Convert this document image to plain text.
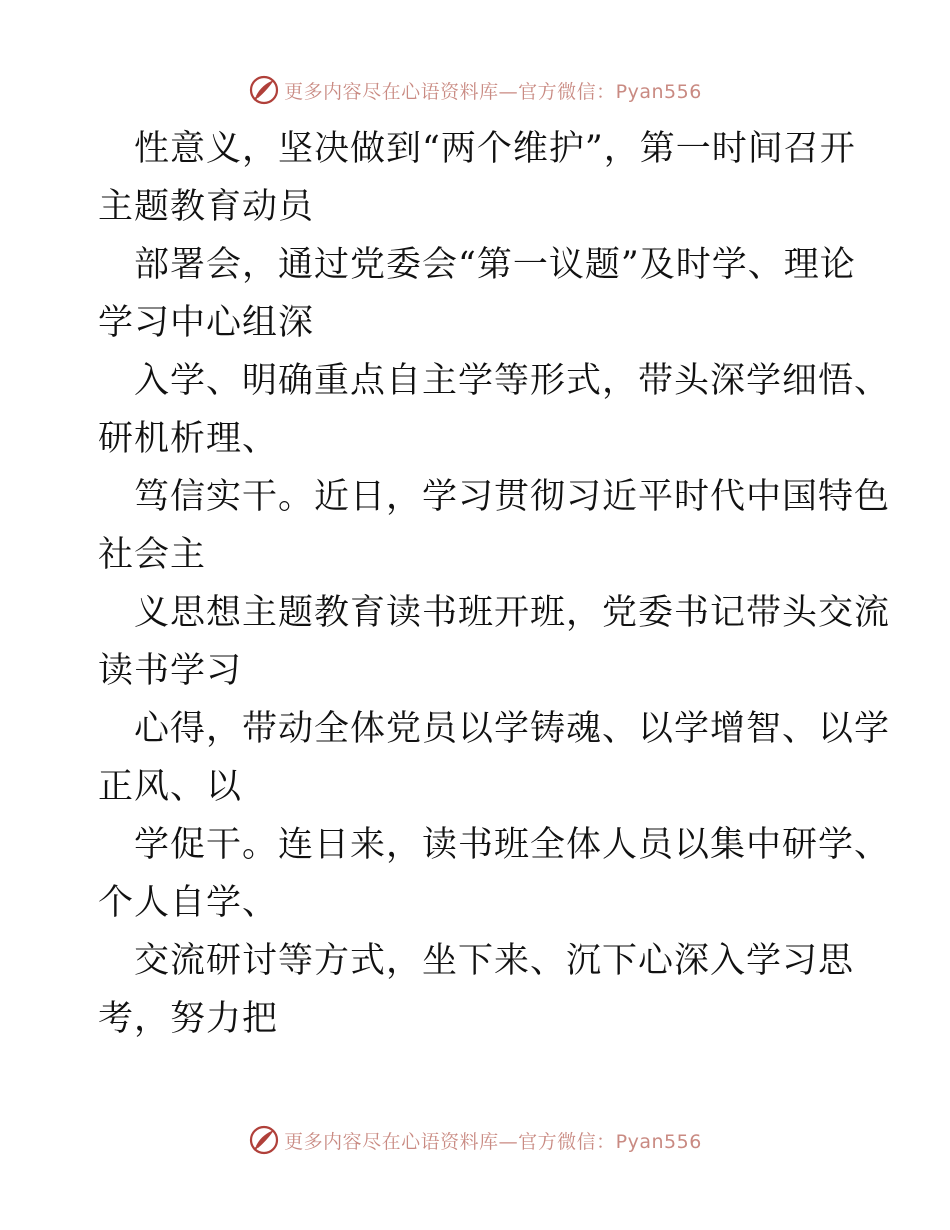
更多内容尽在心语资料库—官方微信：Pyan556
性意义，坚决做到“两个维护”，第一时间召开
主题教育动员
部署会，通过党委会“第一议题”及时学、理论
学习中心组深
入学、明确重点自主学等形式，带头深学细悟、
研机析理、
笃信实干。近日，学习贯彻习近平时代中国特色
社会主
义思想主题教育读书班开班，党委书记带头交流
读书学习
心得，带动全体党员以学铸魂、以学增智、以学
正风、以
学促干。连日来，读书班全体人员以集中研学、
个人自学、
交流研讨等方式，坐下来、沉下心深入学习思
考，努力把
更多内容尽在心语资料库—官方微信：Pyan556
